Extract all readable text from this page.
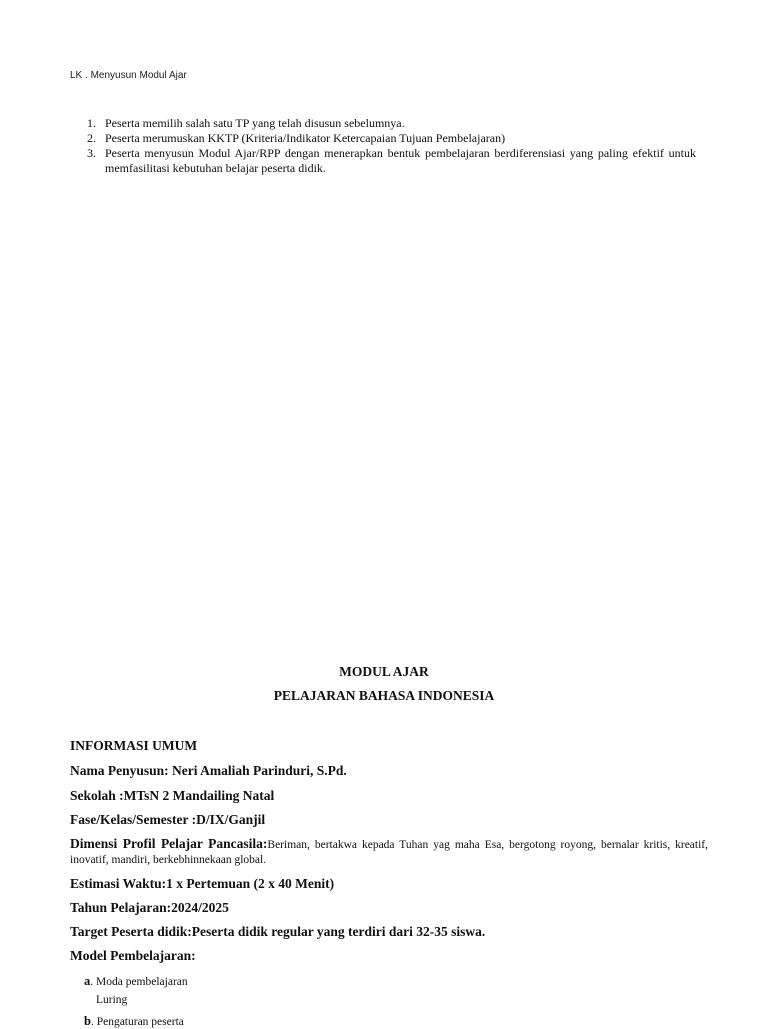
LK . Menyusun Modul Ajar
1. Peserta memilih salah satu TP yang telah disusun sebelumnya.
2. Peserta merumuskan KKTP (Kriteria/Indikator Ketercapaian Tujuan Pembelajaran)
3. Peserta menyusun Modul Ajar/RPP dengan menerapkan bentuk pembelajaran berdiferensiasi yang paling efektif untuk memfasilitasi kebutuhan belajar peserta didik.
MODUL AJAR
PELAJARAN BAHASA INDONESIA
INFORMASI UMUM
Nama Penyusun: Neri Amaliah Parinduri, S.Pd.
Sekolah :MTsN 2 Mandailing Natal
Fase/Kelas/Semester :D/IX/Ganjil
Dimensi Profil Pelajar Pancasila:Beriman, bertakwa kepada Tuhan yag maha Esa, bergotong royong, bernalar kritis, kreatif, inovatif, mandiri, berkebhinnekaan global.
Estimasi Waktu:1 x Pertemuan (2 x 40 Menit)
Tahun Pelajaran:2024/2025
Target Peserta didik:Peserta didik regular yang terdiri dari 32-35 siswa.
Model Pembelajaran:
a. Moda pembelajaran
Luring
b. Pengaturan peserta
